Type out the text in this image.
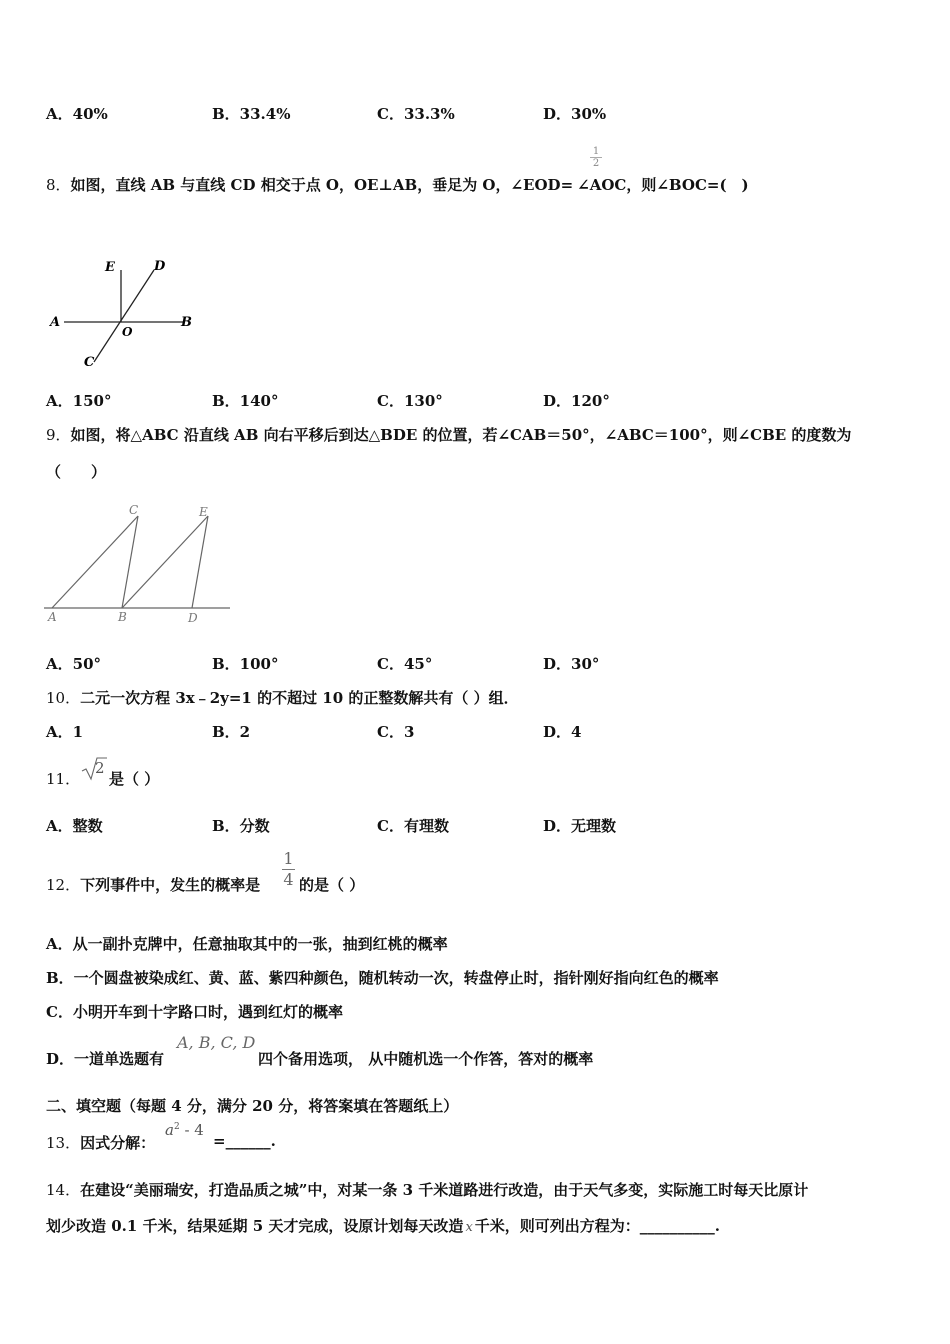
A．40%	B．33.4%	C．33.3%	D．30%
8．如图，直线 AB 与直线 CD 相交于点 O，OE⊥AB，垂足为 O，∠EOD= ∠AOC，则∠BOC=(　)
$\frac{1}{2}$
E	D
A
O
B
C
A．150°	B．140°	C．130°	D．120°
9．如图，将△ABC 沿直线 AB 向右平移后到达△BDE 的位置，若∠CAB＝50°，∠ABC＝100°，则∠CBE 的度数为
（　　）
C	E
A	B	D
A．50°	B．100°	C．45°	D．30°
10．二元一次方程 3x﹣2y=1 的不超过 10 的正整数解共有（ ）组．
A．1	B．2	C．3	D．4
11．
2
是（ ）
A．整数	B．分数	C．有理数	D．无理数
12．下列事件中，发生的概率是 $\frac{1}{4}$ 的是（ ）
A．从一副扑克牌中，任意抽取其中的一张，抽到红桃的概率
B．一个圆盘被染成红、黄、蓝、紫四种颜色，随机转动一次，转盘停止时，指针刚好指向红色的概率
C．小明开车到十字路口时，遇到红灯的概率
D．一道单选题有
A, B, C, D
四个备用选项， 从中随机选一个作答，答对的概率
二、填空题（每题 4 分，满分 20 分，将答案填在答题纸上）
13．因式分解：
$a^2 - 4$
=______.
14．在建设“美丽瑞安，打造品质之城”中，对某一条 3 千米道路进行改造，由于天气多变，实际施工时每天比原计
划少改造 0.1 千米，结果延期 5 天才完成，设原计划每天改造 x 千米，则可列出方程为：__________.
